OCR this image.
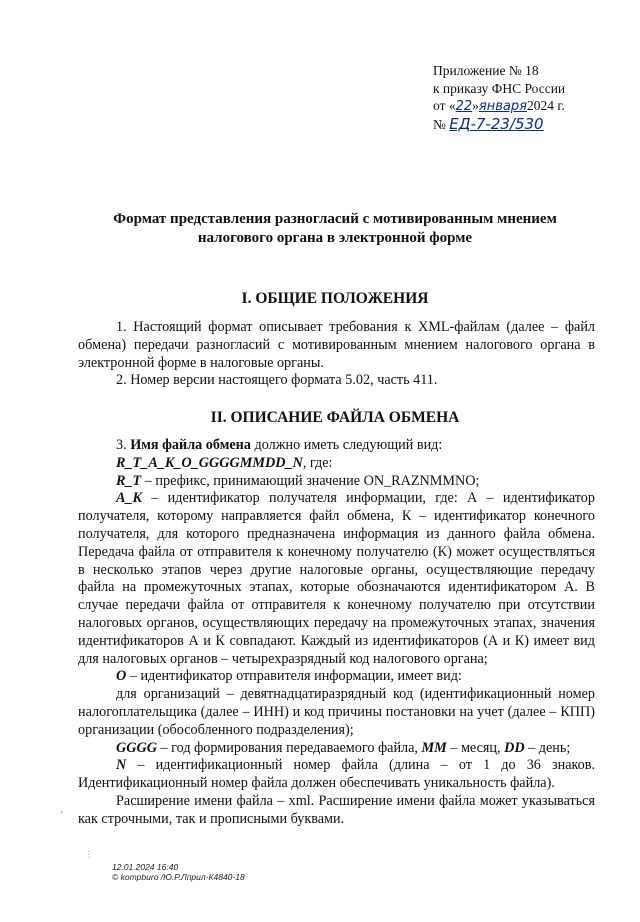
Приложение № 18
к приказу ФНС России
от «22»января2024 г.
№ ЕД-7-23/530
Формат представления разногласий с мотивированным мнением
налогового органа в электронной форме
I. ОБЩИЕ ПОЛОЖЕНИЯ

1. Настоящий формат описывает требования к XML-файлам (далее – файл обмена) передачи разногласий с мотивированным мнением налогового органа в электронной форме в налоговые органы.

2. Номер версии настоящего формата 5.02, часть 411.

II. ОПИСАНИЕ ФАЙЛА ОБМЕНА

3. Имя файла обмена должно иметь следующий вид:

R_T_A_K_O_GGGGMMDD_N, где:

R_T – префикс, принимающий значение ON_RAZNMMNO;

A_K – идентификатор получателя информации, где: А – идентификатор получателя, которому направляется файл обмена, К – идентификатор конечного получателя, для которого предназначена информация из данного файла обмена. Передача файла от отправителя к конечному получателю (К) может осуществляться в несколько этапов через другие налоговые органы, осуществляющие передачу файла на промежуточных этапах, которые обозначаются идентификатором А. В случае передачи файла от отправителя к конечному получателю при отсутствии налоговых органов, осуществляющих передачу на промежуточных этапах, значения идентификаторов А и К совпадают. Каждый из идентификаторов (А и К) имеет вид для налоговых органов – четырехразрядный код налогового органа;

O – идентификатор отправителя информации, имеет вид:

для организаций – девятнадцатиразрядный код (идентификационный номер налогоплательщика (далее – ИНН) и код причины постановки на учет (далее – КПП) организации (обособленного подразделения);

GGGG – год формирования передаваемого файла, MM – месяц, DD – день;

N – идентификационный номер файла (длина – от 1 до 36 знаков. Идентификационный номер файла должен обеспечивать уникальность файла).

Расширение имени файла – xml. Расширение имени файла может указываться как строчными, так и прописными буквами.

‧
⋮
12.01.2024 16:40
© kompburo /Ю.Р.Лприл-К4840-18
